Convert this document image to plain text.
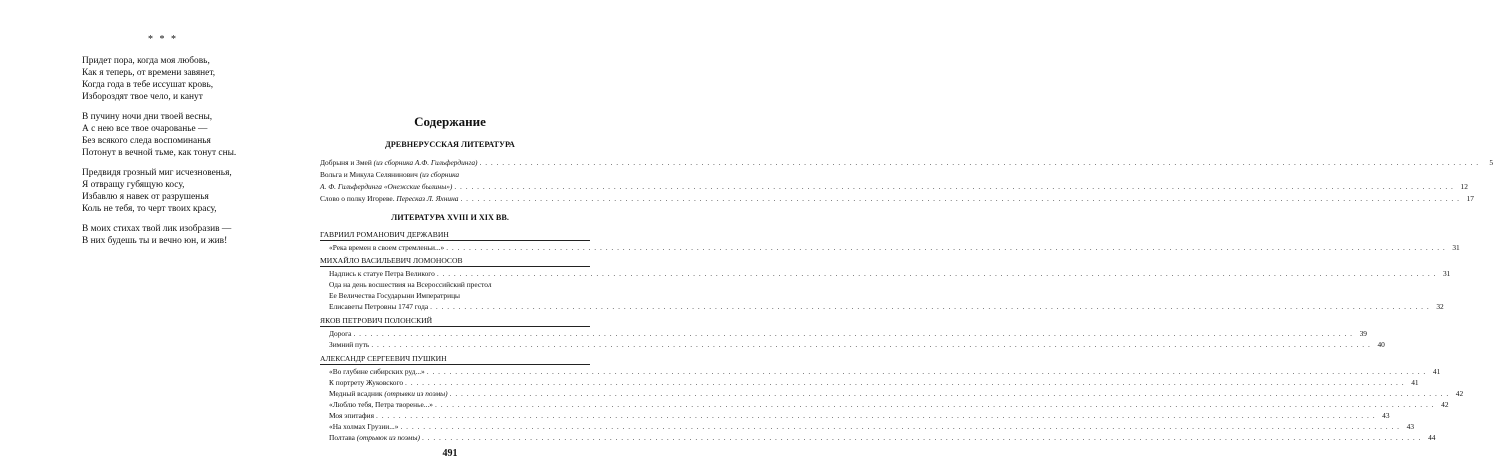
* * *
Придет пора, когда моя любовь,
Как я теперь, от времени завянет,
Когда года в тебе иссушат кровь,
Избороздят твое чело, и канут
В пучину ночи дни твоей весны,
А с нею все твое очарованье —
Без всякого следа воспоминанья
Потонут в вечной тьме, как тонут сны.
Предвидя грозный миг исчезновенья,
Я отвращу губящую косу,
Избавлю я навек от разрушенья
Коль не тебя, то черт твоих красу,
В моих стихах твой лик изобразив —
В них будешь ты и вечно юн, и жив!
Содержание
ДРЕВНЕРУССКАЯ ЛИТЕРАТУРА
Добрыня и Змей (из сборника А.Ф. Гильфердинга) . . .	5
Вольга и Микула Селянинович (из сборника
А. Ф. Гильфердинга «Онежские былины») . . .	12
Слово о полку Игореве. Пересказ Л. Яхнина . . .	17
ЛИТЕРАТУРА XVIII И XIX ВВ.
ГАВРИИЛ РОМАНОВИЧ ДЕРЖАВИН
«Река времен в своем стремленьи...» . . .	31
МИХАЙЛО ВАСИЛЬЕВИЧ ЛОМОНОСОВ
Надпись к статуе Петра Великого . . .	31
Ода на день восшествия на Всероссийский престол
Ее Величества Государыни Императрицы
Елисаветы Петровны 1747 года . . .	32
ЯКОВ ПЕТРОВИЧ ПОЛОНСКИЙ
Дорога . . .	39
Зимний путь . . .	40
АЛЕКСАНДР СЕРГЕЕВИЧ ПУШКИН
«Во глубине сибирских руд...» . . .	41
К портрету Жуковского . . .	41
Медный всадник (отрывки из поэмы) . . .	42
«Люблю тебя, Петра творенье...» . . .	42
Моя эпитафия . . .	43
«На холмах Грузии...» . . .	43
Полтава (отрывок из поэмы) . . .	44
491
